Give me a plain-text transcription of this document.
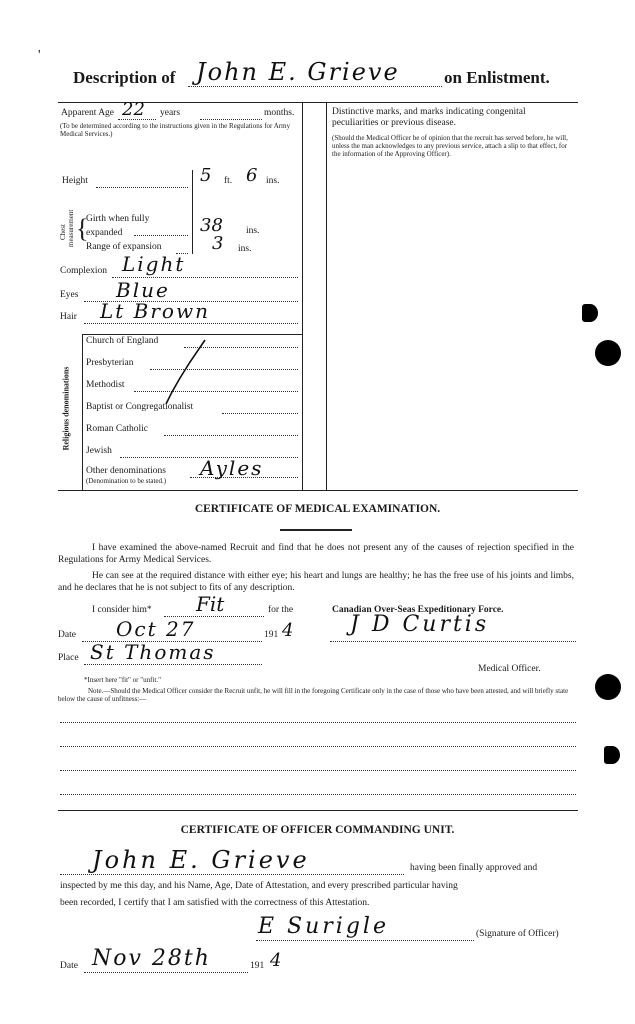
'
Description of John E. Grieve	on Enlistment.
Apparent Age 22 years	months.
(To be determined according to the instructions given in the Regulations for Army Medical Services.)
Height	5 ft. 6 ins.
Chest measurement {
Girth when fully expanded	38 ins.
Range of expansion	3 ins.
Complexion Light
Eyes Blue
Hair Lt Brown
Religious denominations
Church of England
Presbyterian
Methodist
Baptist or Congregationalist
Roman Catholic
Jewish
Other denominations
(Denomination to be stated.)
Ayles
Distinctive marks, and marks indicating congenital peculiarities or previous disease.
(Should the Medical Officer be of opinion that the recruit has served before, he will, unless the man acknowledges to any previous service, attach a slip to that effect, for the information of the Approving Officer).
CERTIFICATE OF MEDICAL EXAMINATION.
I have examined the above-named Recruit and find that he does not present any of the causes of rejection specified in the Regulations for Army Medical Services.
He can see at the required distance with either eye; his heart and lungs are healthy; he has the free use of his joints and limbs, and he declares that he is not subject to fits of any description.
I consider him* Fit	for the	Canadian Over-Seas Expeditionary Force.
Date Oct 27	191 4	J D Curtis
Place St Thomas
Medical Officer.
*Insert here "fit" or "unfit."
Note.—Should the Medical Officer consider the Recruit unfit, he will fill in the foregoing Certificate only in the case of those who have been attested, and will briefly state below the cause of unfitness:—
CERTIFICATE OF OFFICER COMMANDING UNIT.
John E. Grieve	having been finally approved and
inspected by me this day, and his Name, Age, Date of Attestation, and every prescribed particular having
been recorded, I certify that I am satisfied with the correctness of this Attestation.
E Surigle	(Signature of Officer)
Date Nov 28th	191 4
